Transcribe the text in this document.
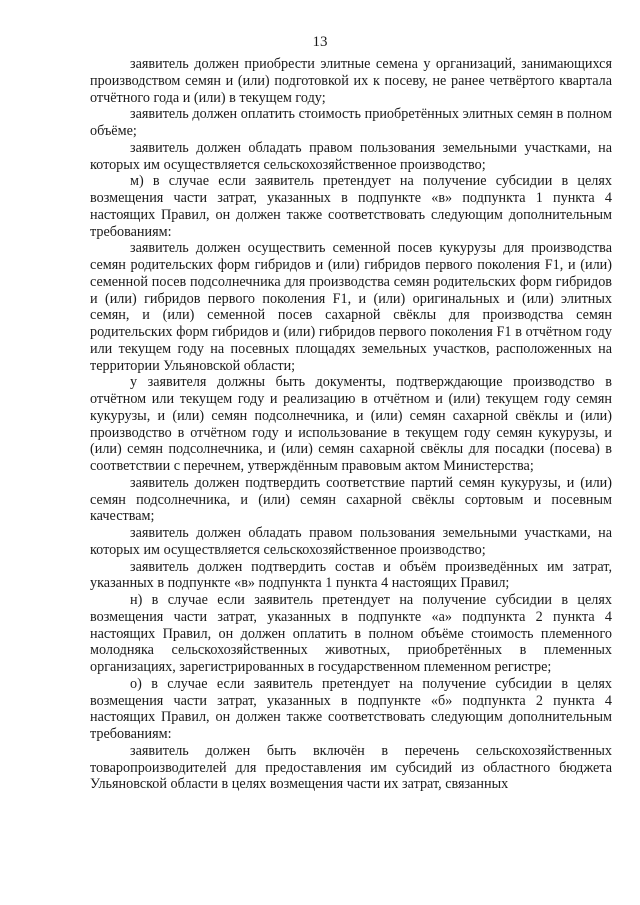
13

заявитель должен приобрести элитные семена у организаций, занимающихся производством семян и (или) подготовкой их к посеву, не ранее четвёртого квартала отчётного года и (или) в текущем году;

заявитель должен оплатить стоимость приобретённых элитных семян в полном объёме;

заявитель должен обладать правом пользования земельными участками, на которых им осуществляется сельскохозяйственное производство;

м) в случае если заявитель претендует на получение субсидии в целях возмещения части затрат, указанных в подпункте «в» подпункта 1 пункта 4 настоящих Правил, он должен также соответствовать следующим дополнительным требованиям:

заявитель должен осуществить семенной посев кукурузы для производства семян родительских форм гибридов и (или) гибридов первого поколения F1, и (или) семенной посев подсолнечника для производства семян родительских форм гибридов и (или) гибридов первого поколения F1, и (или) оригинальных и (или) элитных семян, и (или) семенной посев сахарной свёклы для производства семян родительских форм гибридов и (или) гибридов первого поколения F1 в отчётном году или текущем году на посевных площадях земельных участков, расположенных на территории Ульяновской области;

у заявителя должны быть документы, подтверждающие производство в отчётном или текущем году и реализацию в отчётном и (или) текущем году семян кукурузы, и (или) семян подсолнечника, и (или) семян сахарной свёклы и (или) производство в отчётном году и использование в текущем году семян кукурузы, и (или) семян подсолнечника, и (или) семян сахарной свёклы для посадки (посева) в соответствии с перечнем, утверждённым правовым актом Министерства;

заявитель должен подтвердить соответствие партий семян кукурузы, и (или) семян подсолнечника, и (или) семян сахарной свёклы сортовым и посевным качествам;

заявитель должен обладать правом пользования земельными участками, на которых им осуществляется сельскохозяйственное производство;

заявитель должен подтвердить состав и объём произведённых им затрат, указанных в подпункте «в» подпункта 1 пункта 4 настоящих Правил;

н) в случае если заявитель претендует на получение субсидии в целях возмещения части затрат, указанных в подпункте «а» подпункта 2 пункта 4 настоящих Правил, он должен оплатить в полном объёме стоимость племенного молодняка сельскохозяйственных животных, приобретённых в племенных организациях, зарегистрированных в государственном племенном регистре;

о) в случае если заявитель претендует на получение субсидии в целях возмещения части затрат, указанных в подпункте «б» подпункта 2 пункта 4 настоящих Правил, он должен также соответствовать следующим дополнительным требованиям:

заявитель должен быть включён в перечень сельскохозяйственных товаропроизводителей для предоставления им субсидий из областного бюджета Ульяновской области в целях возмещения части их затрат, связанных
